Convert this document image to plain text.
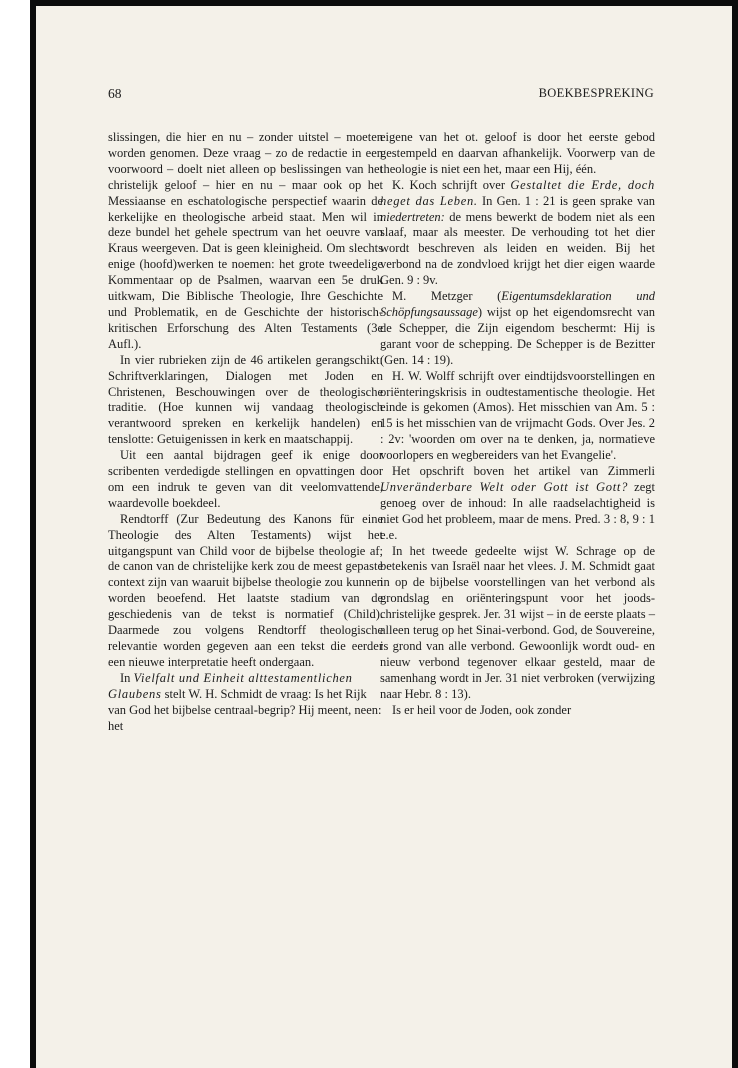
68	BOEKBESPREKING

slissingen, die hier en nu – zonder uitstel – moeten worden genomen. Deze vraag – zo de redactie in een voorwoord – doelt niet alleen op beslissingen van het christelijk geloof – hier en nu – maar ook op het Messiaanse en eschatologische perspectief waarin de kerkelijke en theologische arbeid staat. Men wil in deze bundel het gehele spectrum van het oeuvre van Kraus weergeven. Dat is geen kleinigheid. Om slechts enige (hoofd)werken te noemen: het grote tweedelige Kommentaar op de Psalmen, waarvan een 5e druk uitkwam, Die Biblische Theologie, Ihre Geschichte und Problematik, en de Geschichte der historisch-kritischen Erforschung des Alten Testaments (3e Aufl.).

In vier rubrieken zijn de 46 artikelen gerangschikt: Schriftverklaringen, Dialogen met Joden en Christenen, Beschouwingen over de theologische traditie. (Hoe kunnen wij vandaag theologisch verantwoord spreken en kerkelijk handelen) en tenslotte: Getuigenissen in kerk en maatschappij.

Uit een aantal bijdragen geef ik enige door scribenten verdedigde stellingen en opvattingen door om een indruk te geven van dit veelomvattende, waardevolle boekdeel.

Rendtorff (Zur Bedeutung des Kanons für eine Theologie des Alten Testaments) wijst het uitgangspunt van Child voor de bijbelse theologie af; de canon van de christelijke kerk zou de meest gepaste context zijn van waaruit bijbelse theologie zou kunnen worden beoefend. Het laatste stadium van de geschiedenis van de tekst is normatief (Child). Daarmede zou volgens Rendtorff theologische relevantie worden gegeven aan een tekst die eerder een nieuwe interpretatie heeft ondergaan.

In Vielfalt und Einheit alttestamentlichen Glaubens stelt W. H. Schmidt de vraag: Is het Rijk van God het bijbelse centraal-begrip? Hij meent, neen: het

eigene van het ot. geloof is door het eerste gebod gestempeld en daarvan afhankelijk. Voorwerp van de theologie is niet een het, maar een Hij, één.

K. Koch schrijft over Gestaltet die Erde, doch heget das Leben. In Gen. 1 : 21 is geen sprake van niedertreten: de mens bewerkt de bodem niet als een slaaf, maar als meester. De verhouding tot het dier wordt beschreven als leiden en weiden. Bij het verbond na de zondvloed krijgt het dier eigen waarde Gen. 9 : 9v.

M. Metzger (Eigentumsdeklaration und Schöpfungsaussage) wijst op het eigendomsrecht van de Schepper, die Zijn eigendom beschermt: Hij is garant voor de schepping. De Schepper is de Bezitter (Gen. 14 : 19).

H. W. Wolff schrijft over eindtijdsvoorstellingen en oriënteringskrisis in oudtestamentische theologie. Het einde is gekomen (Amos). Het misschien van Am. 5 : 15 is het misschien van de vrijmacht Gods. Over Jes. 2 : 2v: 'woorden om over na te denken, ja, normatieve voorlopers en wegbereiders van het Evangelie'.

Het opschrift boven het artikel van Zimmerli Unveränderbare Welt oder Gott ist Gott? zegt genoeg over de inhoud: In alle raadselachtigheid is niet God het probleem, maar de mens. Pred. 3 : 8, 9 : 1 e.e.

In het tweede gedeelte wijst W. Schrage op de betekenis van Israël naar het vlees. J. M. Schmidt gaat in op de bijbelse voorstellingen van het verbond als grondslag en oriënteringspunt voor het joods-christelijke gesprek. Jer. 31 wijst – in de eerste plaats – alleen terug op het Sinai-verbond. God, de Souvereine, is grond van alle verbond. Gewoonlijk wordt oud- en nieuw verbond tegenover elkaar gesteld, maar de samenhang wordt in Jer. 31 niet verbroken (verwijzing naar Hebr. 8 : 13).

Is er heil voor de Joden, ook zonder
